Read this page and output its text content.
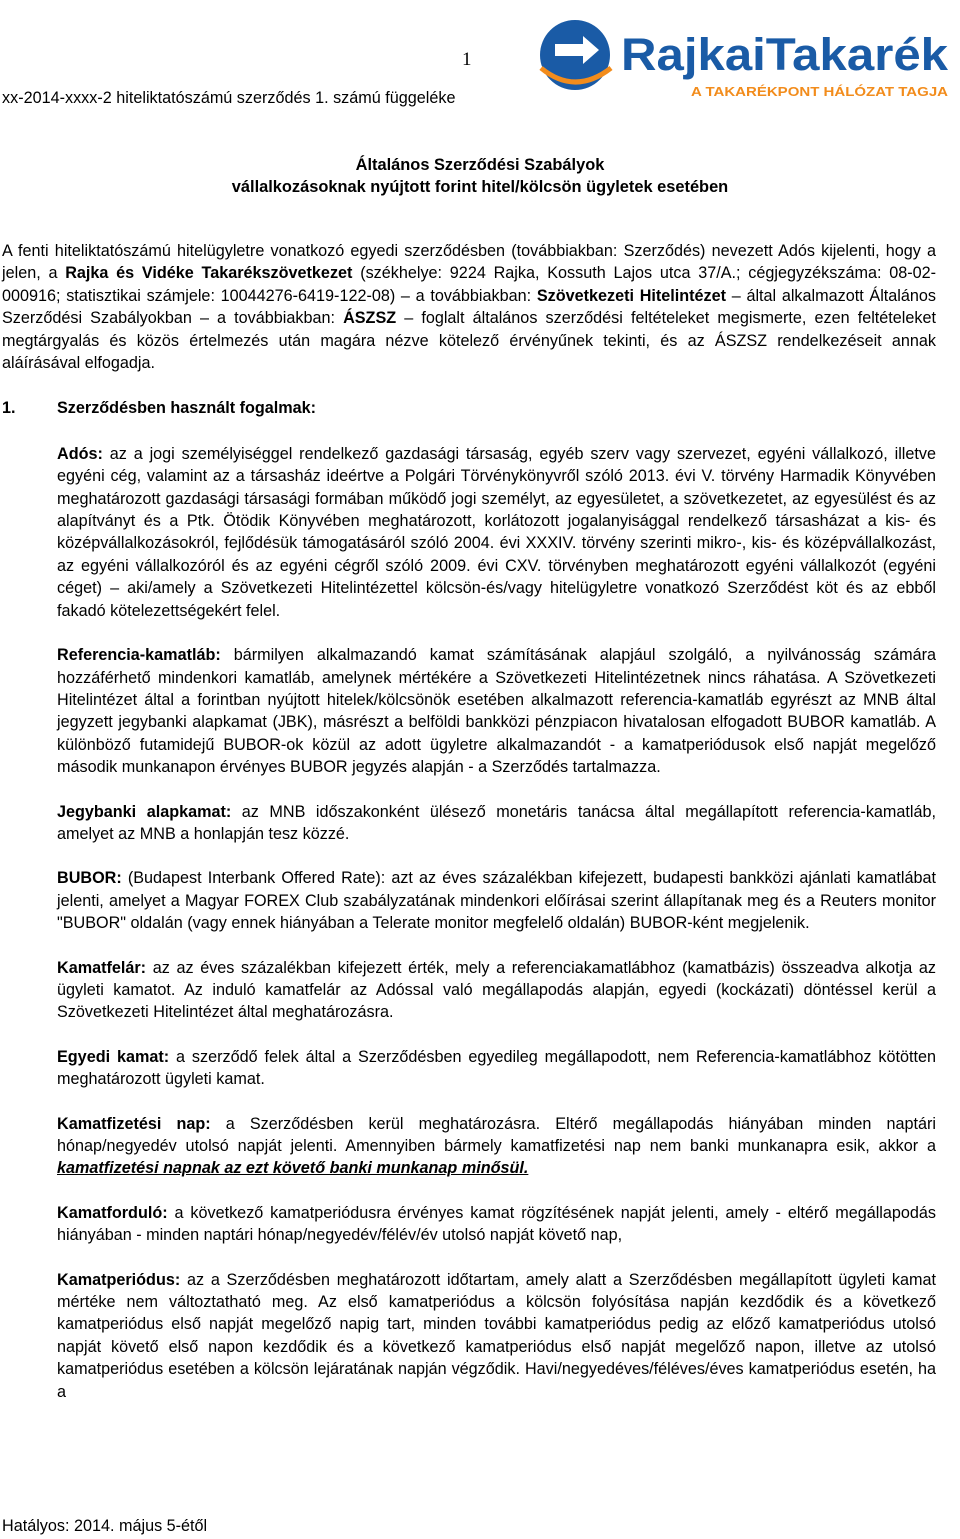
1
xx-2014-xxxx-2 hiteliktatószámú szerződés 1. számú függeléke
RajkaiTakarék
A TAKARÉKPONT HÁLÓZAT TAGJA
Általános Szerződési Szabályok
vállalkozásoknak nyújtott forint hitel/kölcsön ügyletek esetében

A fenti hiteliktatószámú hitelügyletre vonatkozó egyedi szerződésben (továbbiakban: Szerződés) nevezett Adós kijelenti, hogy a jelen, a Rajka és Vidéke Takarékszövetkezet (székhelye: 9224 Rajka, Kossuth Lajos utca 37/A.; cégjegyzékszáma: 08-02-000916; statisztikai számjele: 10044276-6419-122-08) – a továbbiakban: Szövetkezeti Hitelintézet – által alkalmazott Általános Szerződési Szabályokban – a továbbiakban: ÁSZSZ – foglalt általános szerződési feltételeket megismerte, ezen feltételeket megtárgyalás és közös értelmezés után magára nézve kötelező érvényűnek tekinti, és az ÁSZSZ rendelkezéseit annak aláírásával elfogadja.

1.	Szerződésben használt fogalmak:

Adós: az a jogi személyiséggel rendelkező gazdasági társaság, egyéb szerv vagy szervezet, egyéni vállalkozó, illetve egyéni cég, valamint az a társasház ideértve a Polgári Törvénykönyvről szóló 2013. évi V. törvény Harmadik Könyvében meghatározott gazdasági társasági formában működő jogi személyt, az egyesületet, a szövetkezetet, az egyesülést és az alapítványt és a Ptk. Ötödik Könyvében meghatározott, korlátozott jogalanyisággal rendelkező társasházat a kis- és középvállalkozásokról, fejlődésük támogatásáról szóló 2004. évi XXXIV. törvény szerinti mikro-, kis- és középvállalkozást, az egyéni vállalkozóról és az egyéni cégről szóló 2009. évi CXV. törvényben meghatározott egyéni vállalkozót (egyéni céget) – aki/amely a Szövetkezeti Hitelintézettel kölcsön-és/vagy hitelügyletre vonatkozó Szerződést köt és az ebből fakadó kötelezettségekért felel.

Referencia-kamatláb: bármilyen alkalmazandó kamat számításának alapjául szolgáló, a nyilvánosság számára hozzáférhető mindenkori kamatláb, amelynek mértékére a Szövetkezeti Hitelintézetnek nincs ráhatása. A Szövetkezeti Hitelintézet által a forintban nyújtott hitelek/kölcsönök esetében alkalmazott referencia-kamatláb egyrészt az MNB által jegyzett jegybanki alapkamat (JBK), másrészt a belföldi bankközi pénzpiacon hivatalosan elfogadott BUBOR kamatláb. A különböző futamidejű BUBOR-ok közül az adott ügyletre alkalmazandót - a kamatperiódusok első napját megelőző második munkanapon érvényes BUBOR jegyzés alapján - a Szerződés tartalmazza.

Jegybanki alapkamat: az MNB időszakonként ülésező monetáris tanácsa által megállapított referencia-kamatláb, amelyet az MNB a honlapján tesz közzé.

BUBOR: (Budapest Interbank Offered Rate): azt az éves százalékban kifejezett, budapesti bankközi ajánlati kamatlábat jelenti, amelyet a Magyar FOREX Club szabályzatának mindenkori előírásai szerint állapítanak meg és a Reuters monitor "BUBOR" oldalán (vagy ennek hiányában a Telerate monitor megfelelő oldalán) BUBOR-ként megjelenik.

Kamatfelár: az az éves százalékban kifejezett érték, mely a referenciakamatlábhoz (kamatbázis) összeadva alkotja az ügyleti kamatot. Az induló kamatfelár az Adóssal való megállapodás alapján, egyedi (kockázati) döntéssel kerül a Szövetkezeti Hitelintézet által meghatározásra.

Egyedi kamat: a szerződő felek által a Szerződésben egyedileg megállapodott, nem Referencia-kamatlábhoz kötötten meghatározott ügyleti kamat.

Kamatfizetési nap: a Szerződésben kerül meghatározásra. Eltérő megállapodás hiányában minden naptári hónap/negyedév utolsó napját jelenti. Amennyiben bármely kamatfizetési nap nem banki munkanapra esik, akkor a kamatfizetési napnak az ezt követő banki munkanap minősül.

Kamatforduló: a következő kamatperiódusra érvényes kamat rögzítésének napját jelenti, amely - eltérő megállapodás hiányában - minden naptári hónap/negyedév/félév/év utolsó napját követő nap,

Kamatperiódus: az a Szerződésben meghatározott időtartam, amely alatt a Szerződésben megállapított ügyleti kamat mértéke nem változtatható meg. Az első kamatperiódus a kölcsön folyósítása napján kezdődik és a következő kamatperiódus első napját megelőző napig tart, minden további kamatperiódus pedig az előző kamatperiódus utolsó napját követő első napon kezdődik és a következő kamatperiódus első napját megelőző napon, illetve az utolsó kamatperiódus esetében a kölcsön lejáratának napján végződik. Havi/negyedéves/féléves/éves kamatperiódus esetén, ha a

Hatályos: 2014. május 5-étől
